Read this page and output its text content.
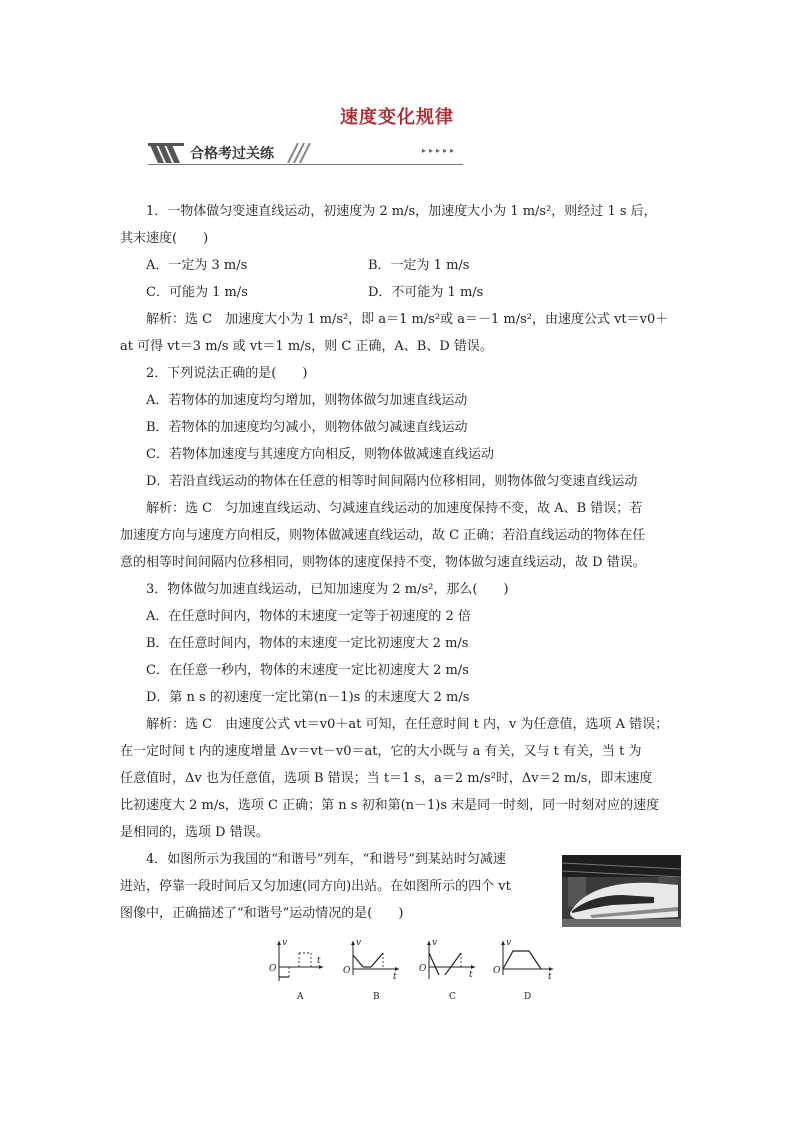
速度变化规律
合格考过关练	▸▸▸▸▸

1．一物体做匀变速直线运动，初速度为 2 m/s，加速度大小为 1 m/s²，则经过 1 s 后，

其末速度(　　)

A．一定为 3 m/s	B．一定为 1 m/s
C．可能为 1 m/s	D．不可能为 1 m/s

解析：选 C　加速度大小为 1 m/s²，即 a＝1 m/s²或 a＝－1 m/s²，由速度公式 vt＝v0＋

at 可得 vt＝3 m/s 或 vt＝1 m/s，则 C 正确，A、B、D 错误。

2．下列说法正确的是(　　)

A．若物体的加速度均匀增加，则物体做匀加速直线运动

B．若物体的加速度均匀减小，则物体做匀减速直线运动

C．若物体加速度与其速度方向相反，则物体做减速直线运动

D．若沿直线运动的物体在任意的相等时间间隔内位移相同，则物体做匀变速直线运动

解析：选 C　匀加速直线运动、匀减速直线运动的加速度保持不变，故 A、B 错误；若

加速度方向与速度方向相反，则物体做减速直线运动，故 C 正确；若沿直线运动的物体在任

意的相等时间间隔内位移相同，则物体的速度保持不变，物体做匀速直线运动，故 D 错误。

3．物体做匀加速直线运动，已知加速度为 2 m/s²，那么(　　)

A．在任意时间内，物体的末速度一定等于初速度的 2 倍

B．在任意时间内，物体的末速度一定比初速度大 2 m/s

C．在任意一秒内，物体的末速度一定比初速度大 2 m/s

D．第 n s 的初速度一定比第(n－1)s 的末速度大 2 m/s

解析：选 C　由速度公式 vt＝v0＋at 可知，在任意时间 t 内，v 为任意值，选项 A 错误；

在一定时间 t 内的速度增量 Δv＝vt－v0＝at，它的大小既与 a 有关，又与 t 有关，当 t 为

任意值时，Δv 也为任意值，选项 B 错误；当 t＝1 s，a＝2 m/s²时，Δv＝2 m/s，即末速度

比初速度大 2 m/s，选项 C 正确；第 n s 初和第(n－1)s 末是同一时刻，同一时刻对应的速度

是相同的，选项 D 错误。

4．如图所示为我国的“和谐号”列车，“和谐号”到某站时匀减速

进站，停靠一段时间后又匀加速(同方向)出站。在如图所示的四个 vt

图像中，正确描述了“和谐号”运动情况的是(　　)

v
t
O
A
v
t
O
B
v
t
O
C
v
t
O
D
